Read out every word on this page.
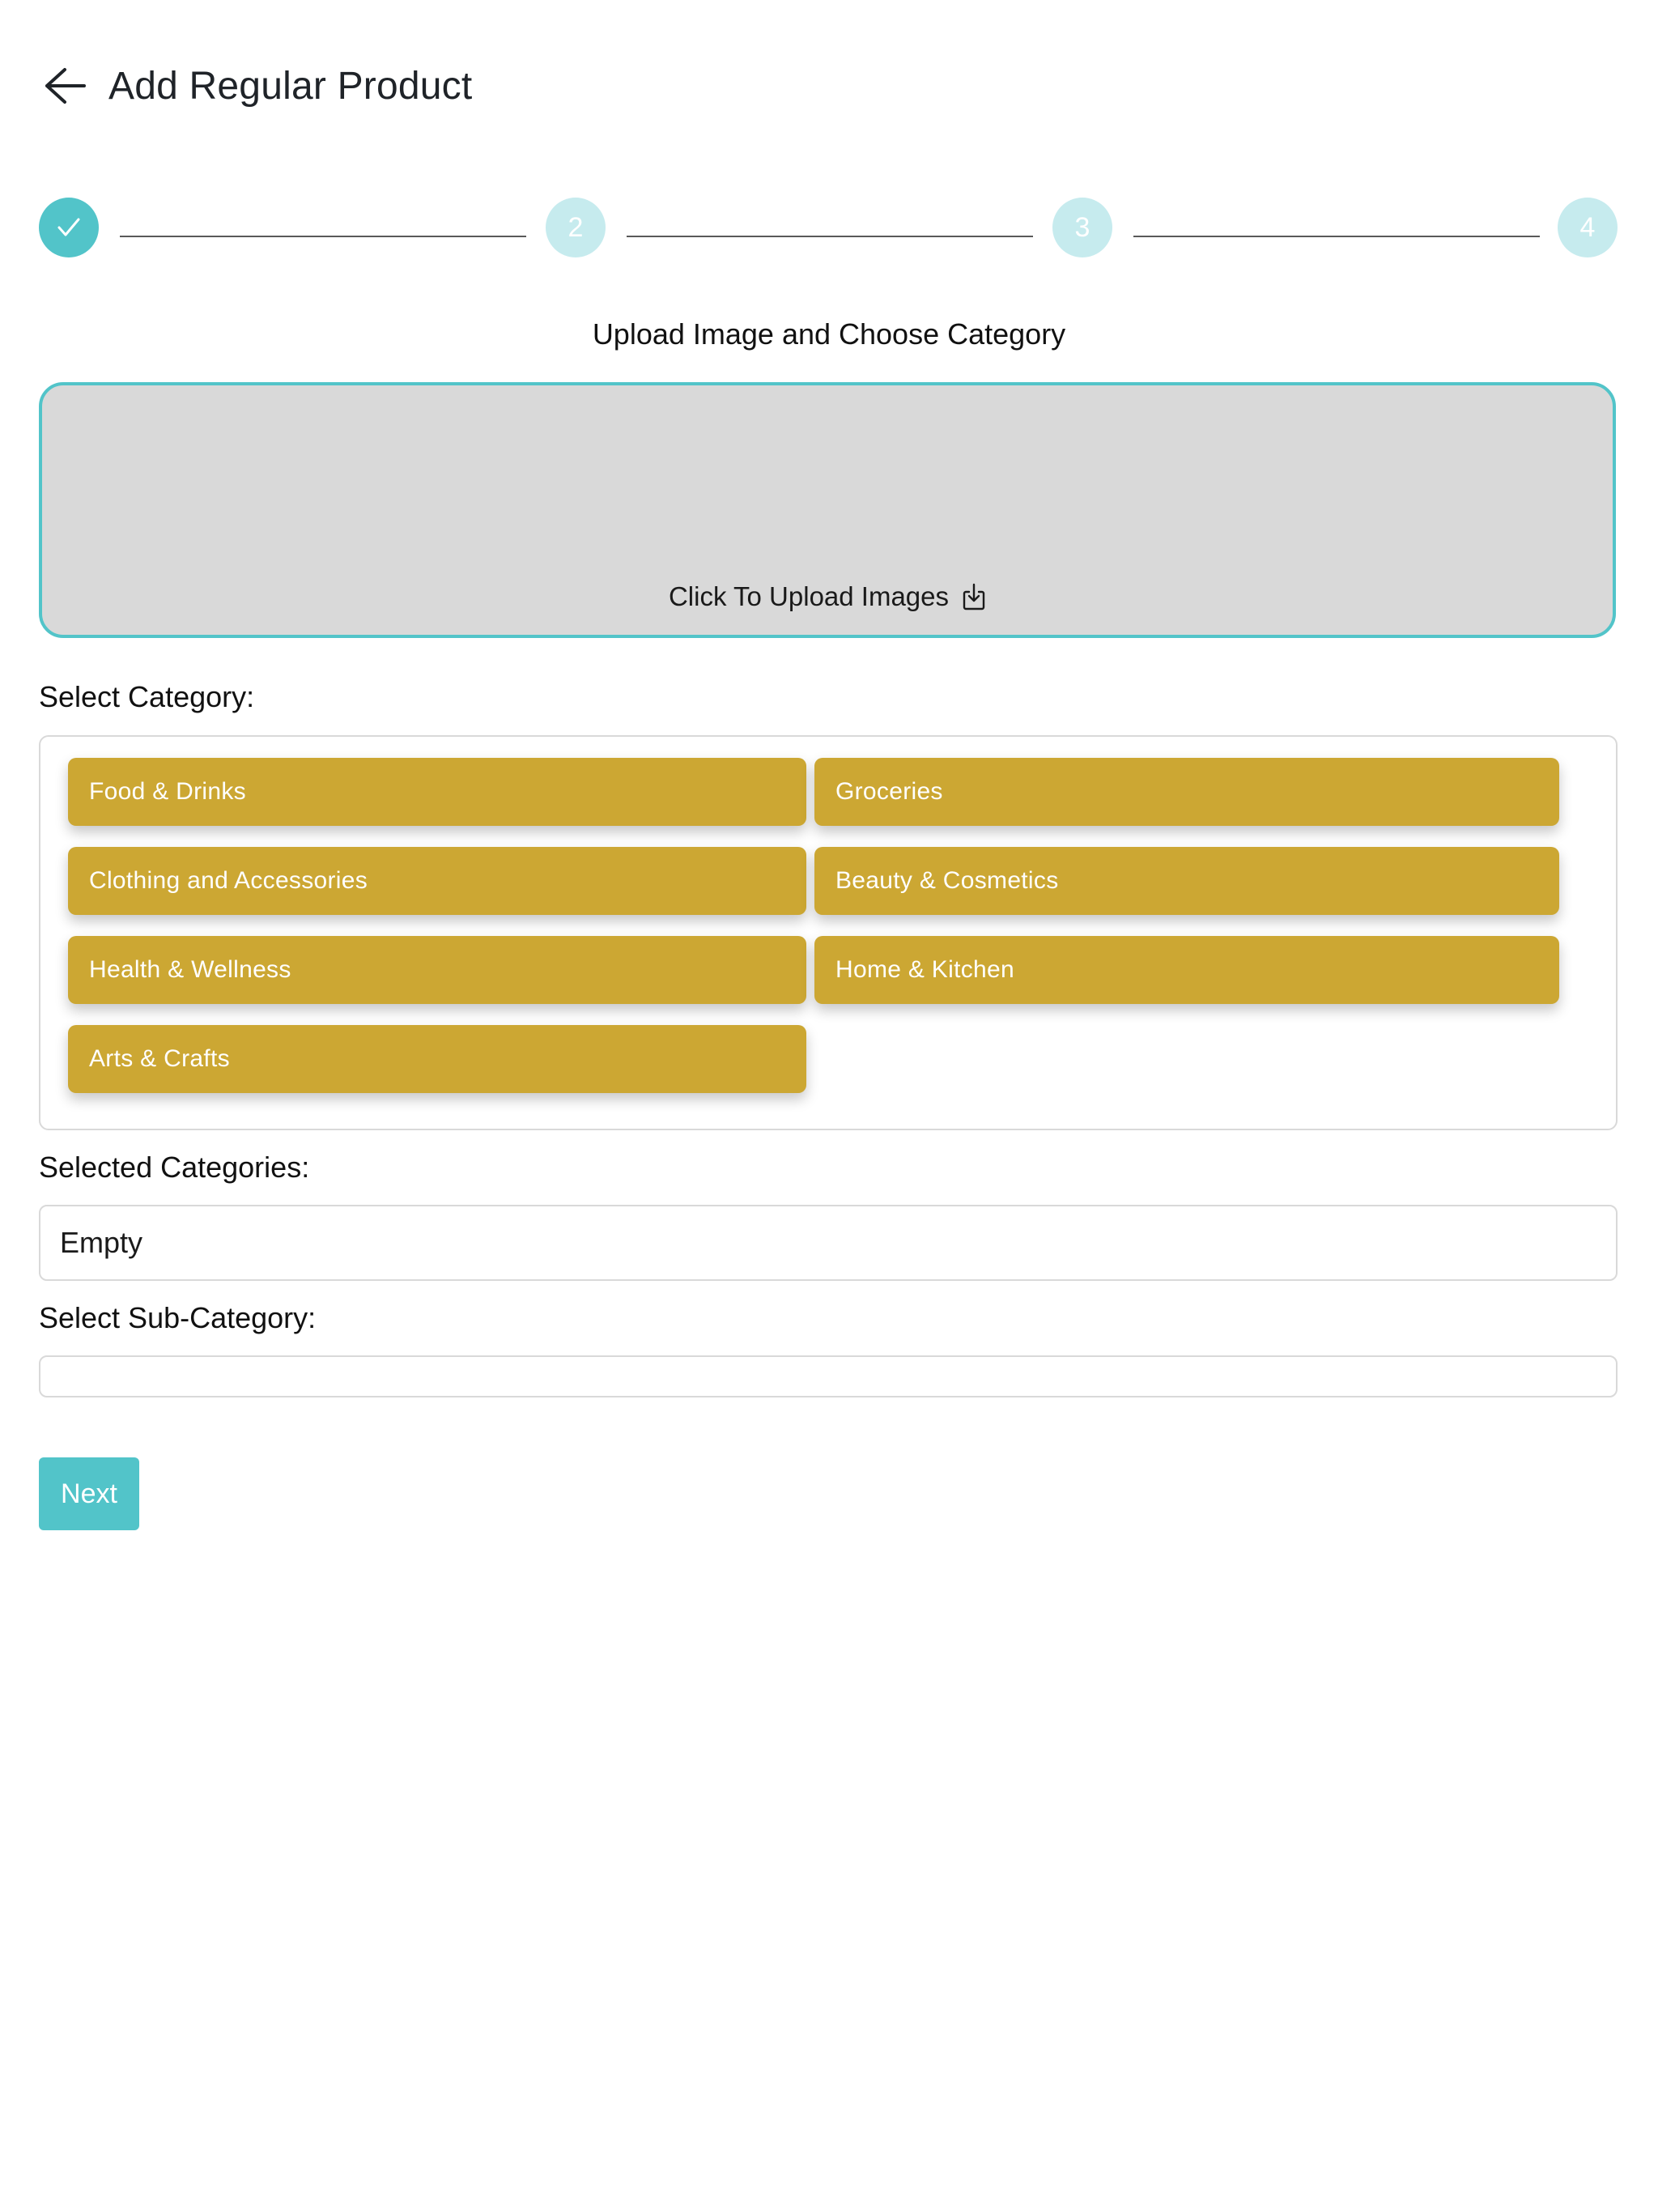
Add Regular Product
2	3	4
Upload Image and Choose Category
Click To Upload Images
Select Category:
Food & Drinks	Groceries
Clothing and Accessories	Beauty & Cosmetics
Health & Wellness	Home & Kitchen
Arts & Crafts
Selected Categories:
Empty
Select Sub-Category:
Next
